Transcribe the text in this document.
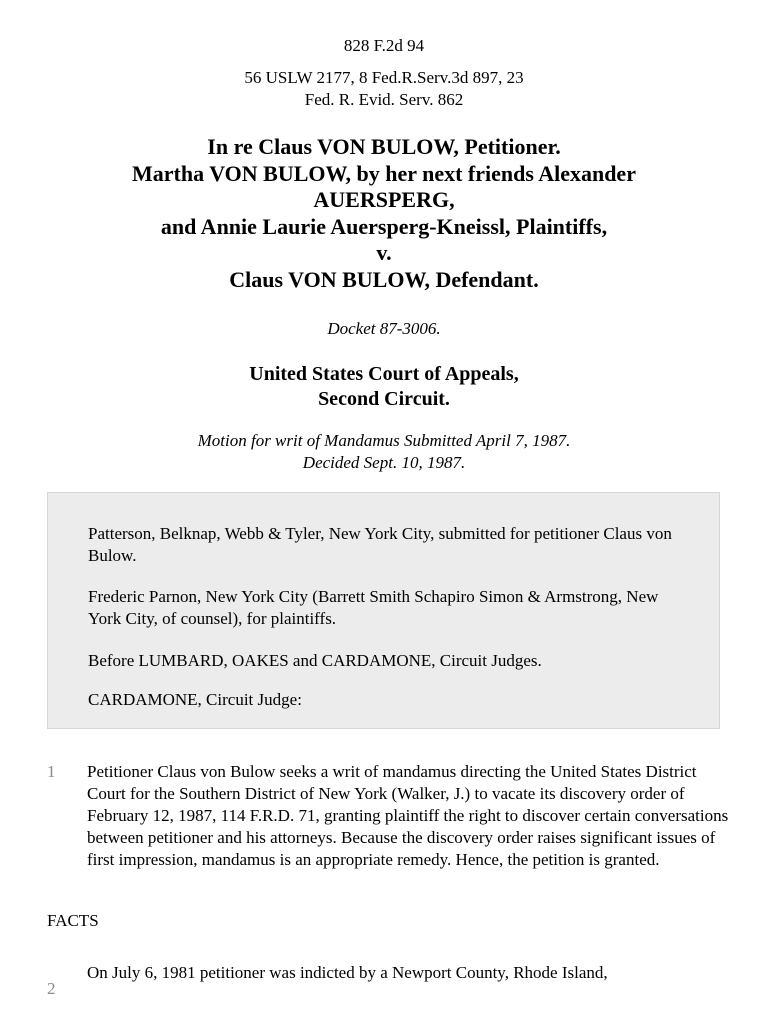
828 F.2d 94
56 USLW 2177, 8 Fed.R.Serv.3d 897, 23
Fed. R. Evid. Serv. 862
In re Claus VON BULOW, Petitioner.
Martha VON BULOW, by her next friends Alexander
AUERSPERG,
and Annie Laurie Auersperg-Kneissl, Plaintiffs,
v.
Claus VON BULOW, Defendant.
Docket 87-3006.
United States Court of Appeals,
Second Circuit.
Motion for writ of Mandamus Submitted April 7, 1987.
Decided Sept. 10, 1987.

Patterson, Belknap, Webb & Tyler, New York City, submitted for petitioner Claus von Bulow.

Frederic Parnon, New York City (Barrett Smith Schapiro Simon & Armstrong, New York City, of counsel), for plaintiffs.

Before LUMBARD, OAKES and CARDAMONE, Circuit Judges.

CARDAMONE, Circuit Judge:

1 Petitioner Claus von Bulow seeks a writ of mandamus directing the United States District Court for the Southern District of New York (Walker, J.) to vacate its discovery order of February 12, 1987, 114 F.R.D. 71, granting plaintiff the right to discover certain conversations between petitioner and his attorneys. Because the discovery order raises significant issues of first impression, mandamus is an appropriate remedy. Hence, the petition is granted.

FACTS
2

On July 6, 1981 petitioner was indicted by a Newport County, Rhode Island,
